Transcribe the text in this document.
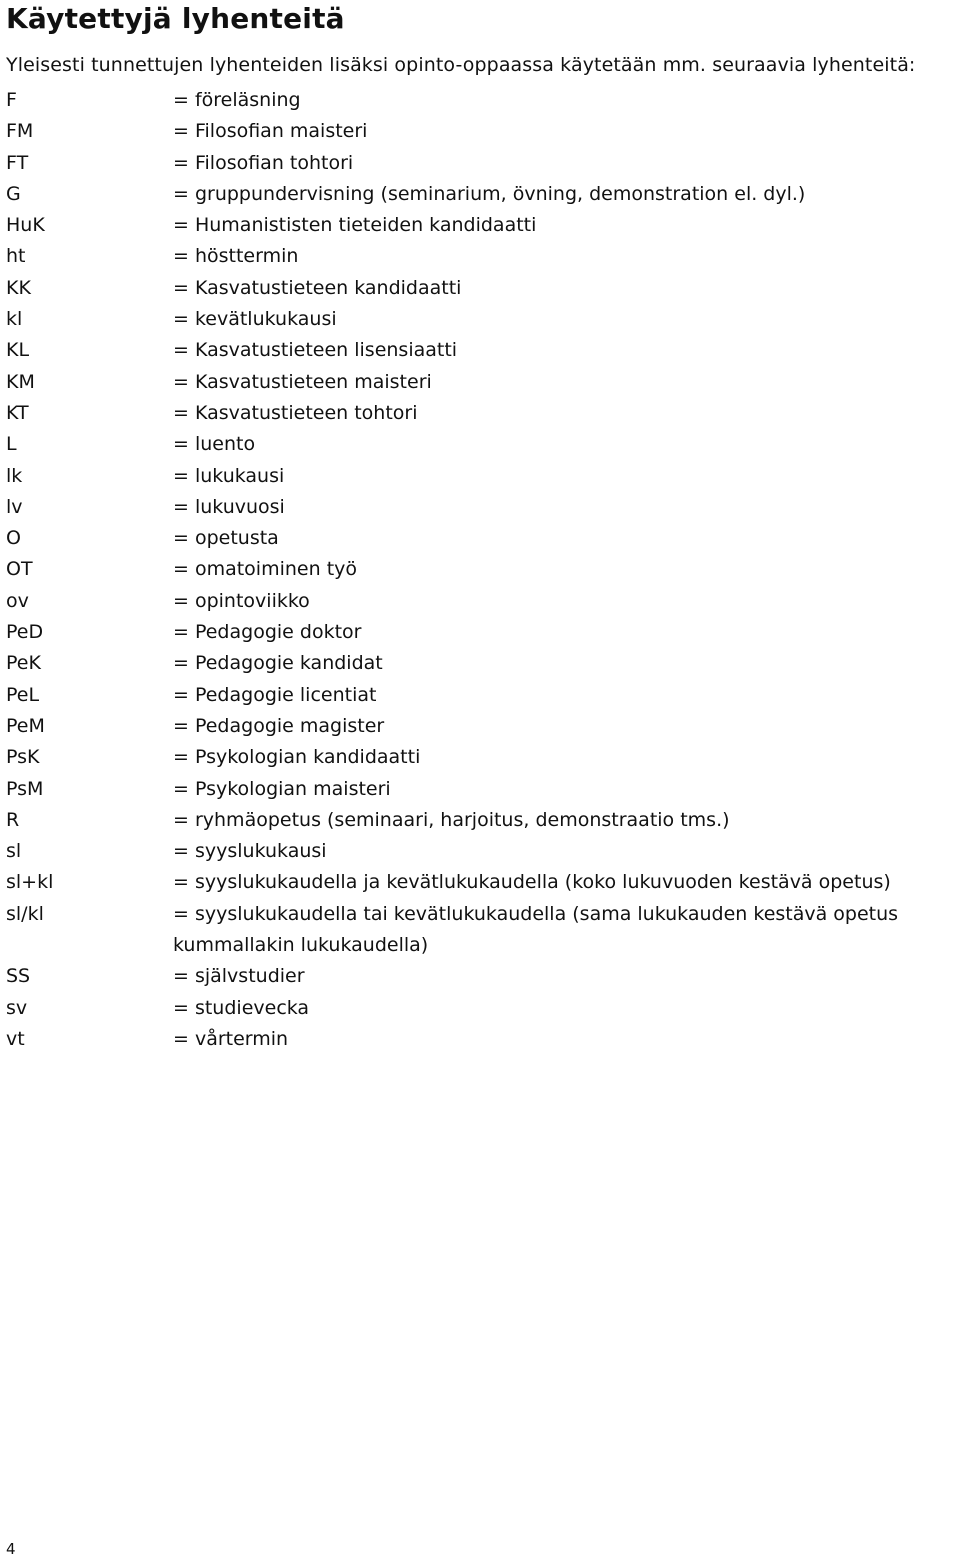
Käytettyjä lyhenteitä
Yleisesti tunnettujen lyhenteiden lisäksi opinto-oppaassa käytetään mm. seuraavia lyhenteitä:
F	= föreläsning
FM	= Filosofian maisteri
FT	= Filosofian tohtori
G	= gruppundervisning (seminarium, övning, demonstration el. dyl.)
HuK	= Humanististen tieteiden kandidaatti
ht	= hösttermin
KK	= Kasvatustieteen kandidaatti
kl	= kevätlukukausi
KL	= Kasvatustieteen lisensiaatti
KM	= Kasvatustieteen maisteri
KT	= Kasvatustieteen tohtori
L	= luento
lk	= lukukausi
lv	= lukuvuosi
O	= opetusta
OT	= omatoiminen työ
ov	= opintoviikko
PeD	= Pedagogie doktor
PeK	= Pedagogie kandidat
PeL	= Pedagogie licentiat
PeM	= Pedagogie magister
PsK	= Psykologian kandidaatti
PsM	= Psykologian maisteri
R	= ryhmäopetus (seminaari, harjoitus, demonstraatio tms.)
sl	= syyslukukausi
sl+kl	= syyslukukaudella ja kevätlukukaudella (koko lukuvuoden kestävä opetus)
sl/kl	= syyslukukaudella tai kevätlukukaudella (sama lukukauden kestävä opetus kummallakin lukukaudella)
SS	= självstudier
sv	= studievecka
vt	= vårtermin
4
